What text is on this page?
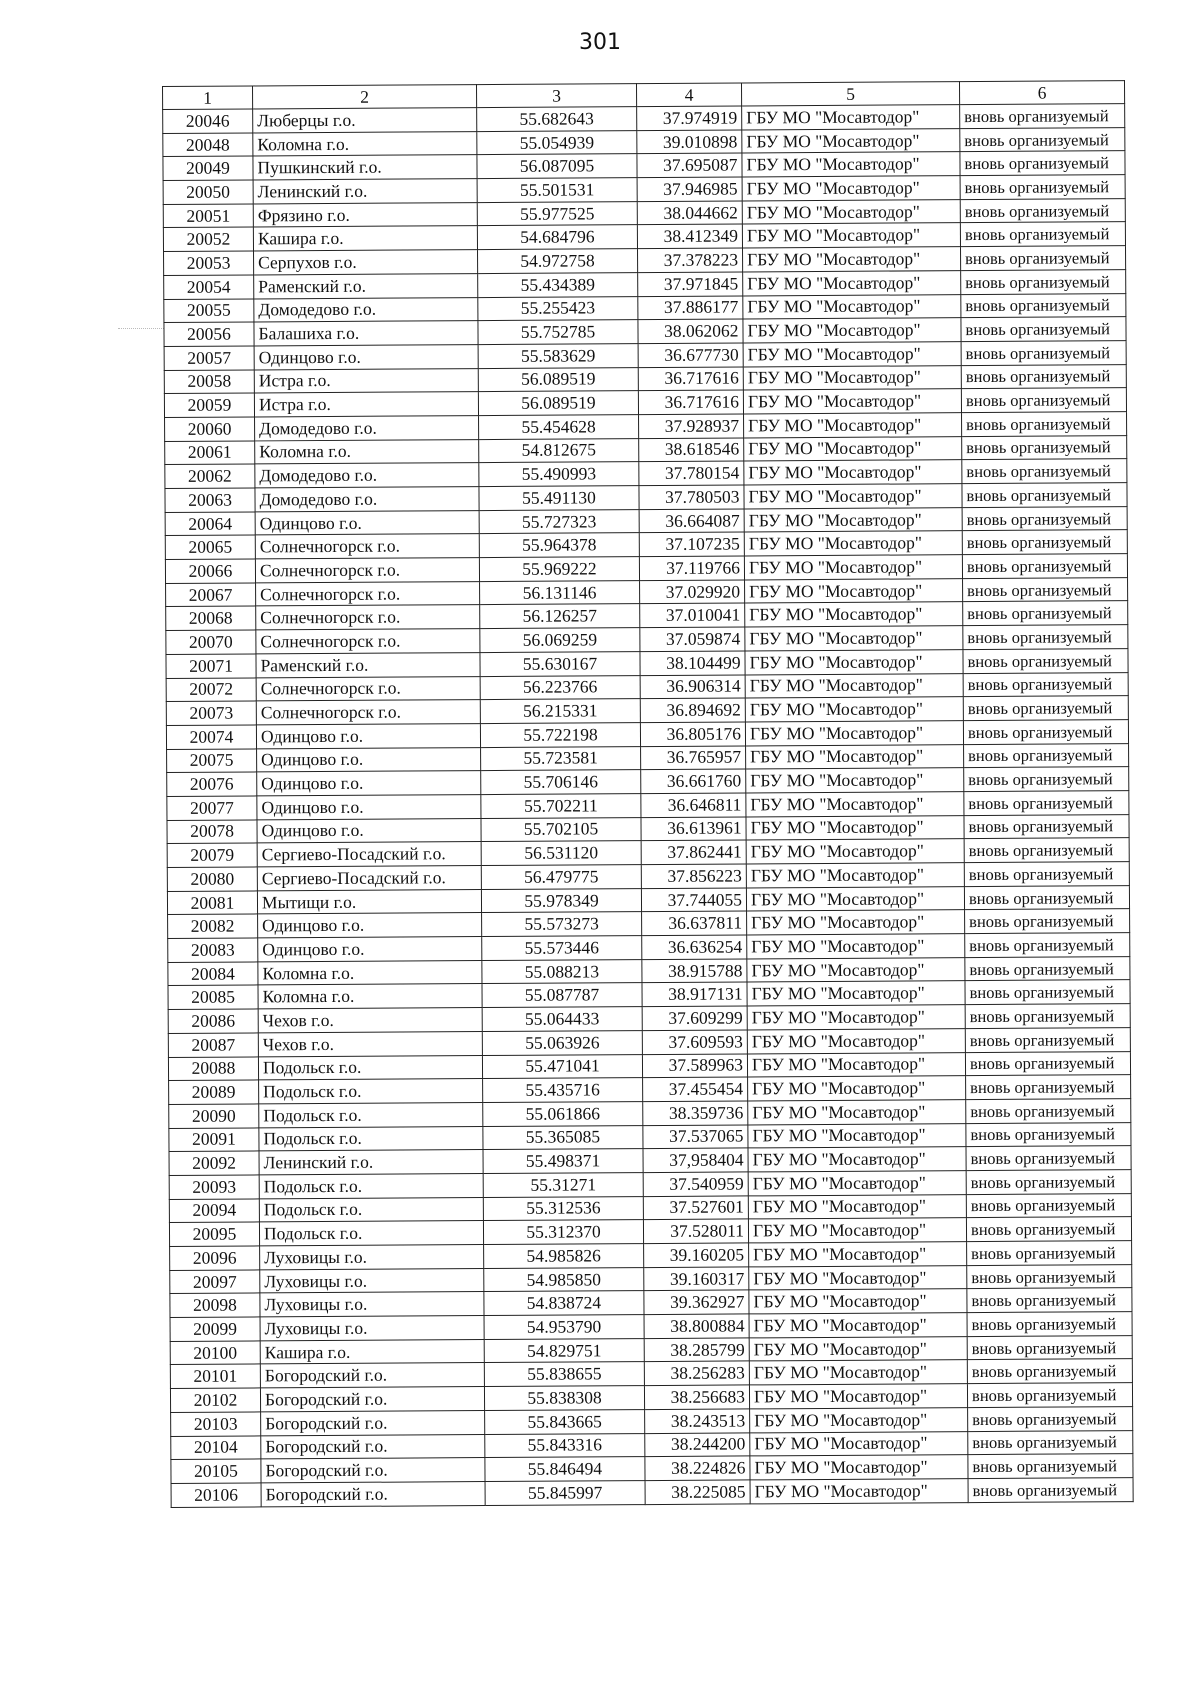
301
1	2	3	4	5	6
20046	Люберцы г.о.	55.682643	37.974919	ГБУ МО "Мосавтодор"	вновь организуемый
20048	Коломна г.о.	55.054939	39.010898	ГБУ МО "Мосавтодор"	вновь организуемый
20049	Пушкинский г.о.	56.087095	37.695087	ГБУ МО "Мосавтодор"	вновь организуемый
20050	Ленинский г.о.	55.501531	37.946985	ГБУ МО "Мосавтодор"	вновь организуемый
20051	Фрязино г.о.	55.977525	38.044662	ГБУ МО "Мосавтодор"	вновь организуемый
20052	Кашира г.о.	54.684796	38.412349	ГБУ МО "Мосавтодор"	вновь организуемый
20053	Серпухов г.о.	54.972758	37.378223	ГБУ МО "Мосавтодор"	вновь организуемый
20054	Раменский г.о.	55.434389	37.971845	ГБУ МО "Мосавтодор"	вновь организуемый
20055	Домодедово г.о.	55.255423	37.886177	ГБУ МО "Мосавтодор"	вновь организуемый
20056	Балашиха г.о.	55.752785	38.062062	ГБУ МО "Мосавтодор"	вновь организуемый
20057	Одинцово г.о.	55.583629	36.677730	ГБУ МО "Мосавтодор"	вновь организуемый
20058	Истра г.о.	56.089519	36.717616	ГБУ МО "Мосавтодор"	вновь организуемый
20059	Истра г.о.	56.089519	36.717616	ГБУ МО "Мосавтодор"	вновь организуемый
20060	Домодедово г.о.	55.454628	37.928937	ГБУ МО "Мосавтодор"	вновь организуемый
20061	Коломна г.о.	54.812675	38.618546	ГБУ МО "Мосавтодор"	вновь организуемый
20062	Домодедово г.о.	55.490993	37.780154	ГБУ МО "Мосавтодор"	вновь организуемый
20063	Домодедово г.о.	55.491130	37.780503	ГБУ МО "Мосавтодор"	вновь организуемый
20064	Одинцово г.о.	55.727323	36.664087	ГБУ МО "Мосавтодор"	вновь организуемый
20065	Солнечногорск г.о.	55.964378	37.107235	ГБУ МО "Мосавтодор"	вновь организуемый
20066	Солнечногорск г.о.	55.969222	37.119766	ГБУ МО "Мосавтодор"	вновь организуемый
20067	Солнечногорск г.о.	56.131146	37.029920	ГБУ МО "Мосавтодор"	вновь организуемый
20068	Солнечногорск г.о.	56.126257	37.010041	ГБУ МО "Мосавтодор"	вновь организуемый
20070	Солнечногорск г.о.	56.069259	37.059874	ГБУ МО "Мосавтодор"	вновь организуемый
20071	Раменский г.о.	55.630167	38.104499	ГБУ МО "Мосавтодор"	вновь организуемый
20072	Солнечногорск г.о.	56.223766	36.906314	ГБУ МО "Мосавтодор"	вновь организуемый
20073	Солнечногорск г.о.	56.215331	36.894692	ГБУ МО "Мосавтодор"	вновь организуемый
20074	Одинцово г.о.	55.722198	36.805176	ГБУ МО "Мосавтодор"	вновь организуемый
20075	Одинцово г.о.	55.723581	36.765957	ГБУ МО "Мосавтодор"	вновь организуемый
20076	Одинцово г.о.	55.706146	36.661760	ГБУ МО "Мосавтодор"	вновь организуемый
20077	Одинцово г.о.	55.702211	36.646811	ГБУ МО "Мосавтодор"	вновь организуемый
20078	Одинцово г.о.	55.702105	36.613961	ГБУ МО "Мосавтодор"	вновь организуемый
20079	Сергиево-Посадский г.о.	56.531120	37.862441	ГБУ МО "Мосавтодор"	вновь организуемый
20080	Сергиево-Посадский г.о.	56.479775	37.856223	ГБУ МО "Мосавтодор"	вновь организуемый
20081	Мытищи г.о.	55.978349	37.744055	ГБУ МО "Мосавтодор"	вновь организуемый
20082	Одинцово г.о.	55.573273	36.637811	ГБУ МО "Мосавтодор"	вновь организуемый
20083	Одинцово г.о.	55.573446	36.636254	ГБУ МО "Мосавтодор"	вновь организуемый
20084	Коломна г.о.	55.088213	38.915788	ГБУ МО "Мосавтодор"	вновь организуемый
20085	Коломна г.о.	55.087787	38.917131	ГБУ МО "Мосавтодор"	вновь организуемый
20086	Чехов г.о.	55.064433	37.609299	ГБУ МО "Мосавтодор"	вновь организуемый
20087	Чехов г.о.	55.063926	37.609593	ГБУ МО "Мосавтодор"	вновь организуемый
20088	Подольск г.о.	55.471041	37.589963	ГБУ МО "Мосавтодор"	вновь организуемый
20089	Подольск г.о.	55.435716	37.455454	ГБУ МО "Мосавтодор"	вновь организуемый
20090	Подольск г.о.	55.061866	38.359736	ГБУ МО "Мосавтодор"	вновь организуемый
20091	Подольск г.о.	55.365085	37.537065	ГБУ МО "Мосавтодор"	вновь организуемый
20092	Ленинский г.о.	55.498371	37,958404	ГБУ МО "Мосавтодор"	вновь организуемый
20093	Подольск г.о.	55.31271	37.540959	ГБУ МО "Мосавтодор"	вновь организуемый
20094	Подольск г.о.	55.312536	37.527601	ГБУ МО "Мосавтодор"	вновь организуемый
20095	Подольск г.о.	55.312370	37.528011	ГБУ МО "Мосавтодор"	вновь организуемый
20096	Луховицы г.о.	54.985826	39.160205	ГБУ МО "Мосавтодор"	вновь организуемый
20097	Луховицы г.о.	54.985850	39.160317	ГБУ МО "Мосавтодор"	вновь организуемый
20098	Луховицы г.о.	54.838724	39.362927	ГБУ МО "Мосавтодор"	вновь организуемый
20099	Луховицы г.о.	54.953790	38.800884	ГБУ МО "Мосавтодор"	вновь организуемый
20100	Кашира г.о.	54.829751	38.285799	ГБУ МО "Мосавтодор"	вновь организуемый
20101	Богородский г.о.	55.838655	38.256283	ГБУ МО "Мосавтодор"	вновь организуемый
20102	Богородский г.о.	55.838308	38.256683	ГБУ МО "Мосавтодор"	вновь организуемый
20103	Богородский г.о.	55.843665	38.243513	ГБУ МО "Мосавтодор"	вновь организуемый
20104	Богородский г.о.	55.843316	38.244200	ГБУ МО "Мосавтодор"	вновь организуемый
20105	Богородский г.о.	55.846494	38.224826	ГБУ МО "Мосавтодор"	вновь организуемый
20106	Богородский г.о.	55.845997	38.225085	ГБУ МО "Мосавтодор"	вновь организуемый
